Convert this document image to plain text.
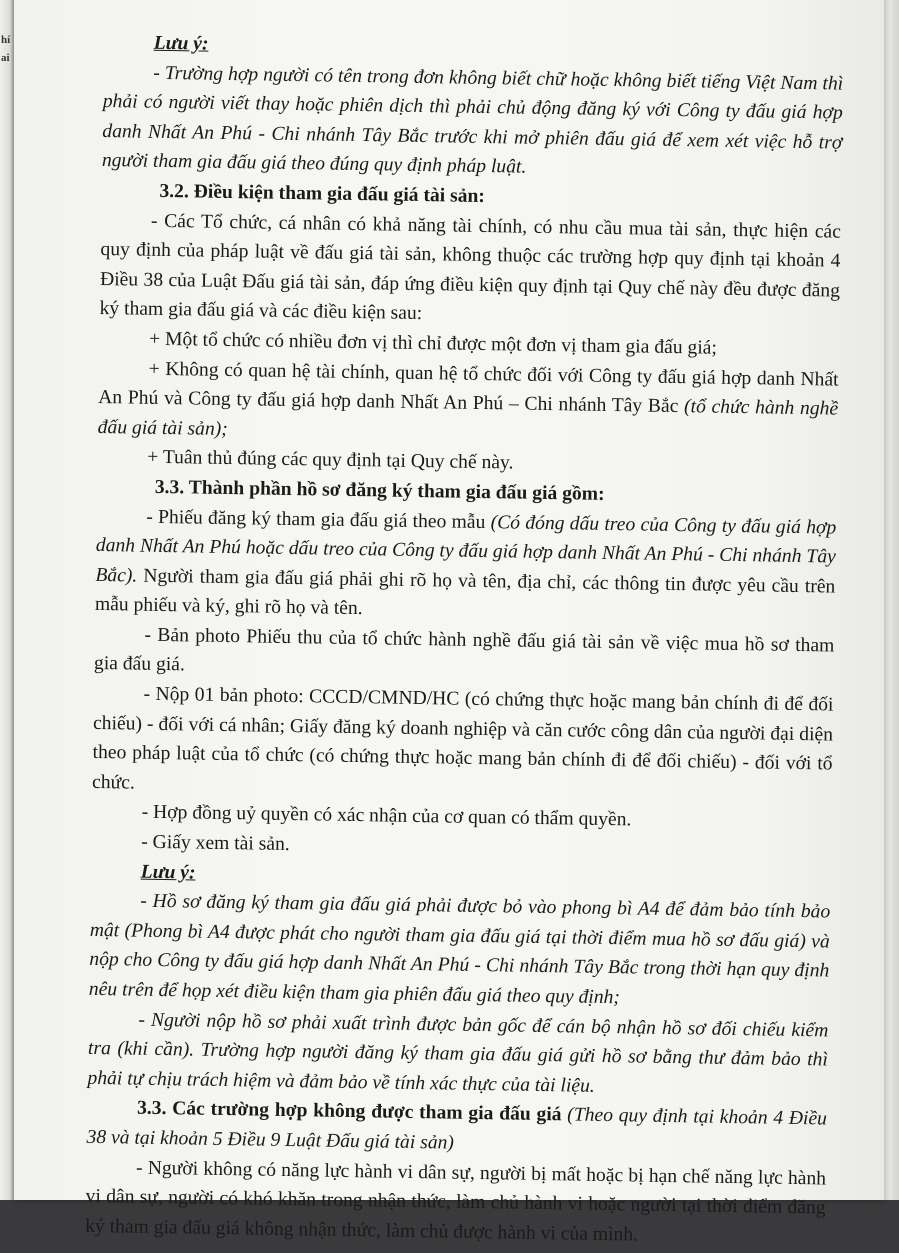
hí
ai

Lưu ý:

- Trường hợp người có tên trong đơn không biết chữ hoặc không biết tiếng Việt Nam thì phải có người viết thay hoặc phiên dịch thì phải chủ động đăng ký với Công ty đấu giá hợp danh Nhất An Phú - Chi nhánh Tây Bắc trước khi mở phiên đấu giá để xem xét việc hỗ trợ người tham gia đấu giá theo đúng quy định pháp luật.

3.2. Điều kiện tham gia đấu giá tài sản:

- Các Tổ chức, cá nhân có khả năng tài chính, có nhu cầu mua tài sản, thực hiện các quy định của pháp luật về đấu giá tài sản, không thuộc các trường hợp quy định tại khoản 4 Điều 38 của Luật Đấu giá tài sản, đáp ứng điều kiện quy định tại Quy chế này đều được đăng ký tham gia đấu giá và các điều kiện sau:

+ Một tổ chức có nhiều đơn vị thì chỉ được một đơn vị tham gia đấu giá;

+ Không có quan hệ tài chính, quan hệ tổ chức đối với Công ty đấu giá hợp danh Nhất An Phú và Công ty đấu giá hợp danh Nhất An Phú – Chi nhánh Tây Bắc (tổ chức hành nghề đấu giá tài sản);

+ Tuân thủ đúng các quy định tại Quy chế này.

3.3. Thành phần hồ sơ đăng ký tham gia đấu giá gồm:

- Phiếu đăng ký tham gia đấu giá theo mẫu (Có đóng dấu treo của Công ty đấu giá hợp danh Nhất An Phú hoặc dấu treo của Công ty đấu giá hợp danh Nhất An Phú - Chi nhánh Tây Bắc). Người tham gia đấu giá phải ghi rõ họ và tên, địa chỉ, các thông tin được yêu cầu trên mẫu phiếu và ký, ghi rõ họ và tên.

- Bản photo Phiếu thu của tổ chức hành nghề đấu giá tài sản về việc mua hồ sơ tham gia đấu giá.

- Nộp 01 bản photo: CCCD/CMND/HC (có chứng thực hoặc mang bản chính đi để đối chiếu) - đối với cá nhân; Giấy đăng ký doanh nghiệp và căn cước công dân của người đại diện theo pháp luật của tổ chức (có chứng thực hoặc mang bản chính đi để đối chiếu) - đối với tổ chức.

- Hợp đồng uỷ quyền có xác nhận của cơ quan có thẩm quyền.

- Giấy xem tài sản.

Lưu ý:

- Hồ sơ đăng ký tham gia đấu giá phải được bỏ vào phong bì A4 để đảm bảo tính bảo mật (Phong bì A4 được phát cho người tham gia đấu giá tại thời điểm mua hồ sơ đấu giá) và nộp cho Công ty đấu giá hợp danh Nhất An Phú - Chi nhánh Tây Bắc trong thời hạn quy định nêu trên để họp xét điều kiện tham gia phiên đấu giá theo quy định;

- Người nộp hồ sơ phải xuất trình được bản gốc để cán bộ nhận hồ sơ đối chiếu kiểm tra (khi cần). Trường hợp người đăng ký tham gia đấu giá gửi hồ sơ bằng thư đảm bảo thì phải tự chịu trách hiệm và đảm bảo về tính xác thực của tài liệu.

3.3. Các trường hợp không được tham gia đấu giá (Theo quy định tại khoản 4 Điều 38 và tại khoản 5 Điều 9 Luật Đấu giá tài sản)

- Người không có năng lực hành vi dân sự, người bị mất hoặc bị hạn chế năng lực hành vi dân sự, người có khó khăn trong nhận thức, làm chủ hành vi hoặc người tại thời điểm đăng ký tham gia đấu giá không nhận thức, làm chủ được hành vi của mình.
